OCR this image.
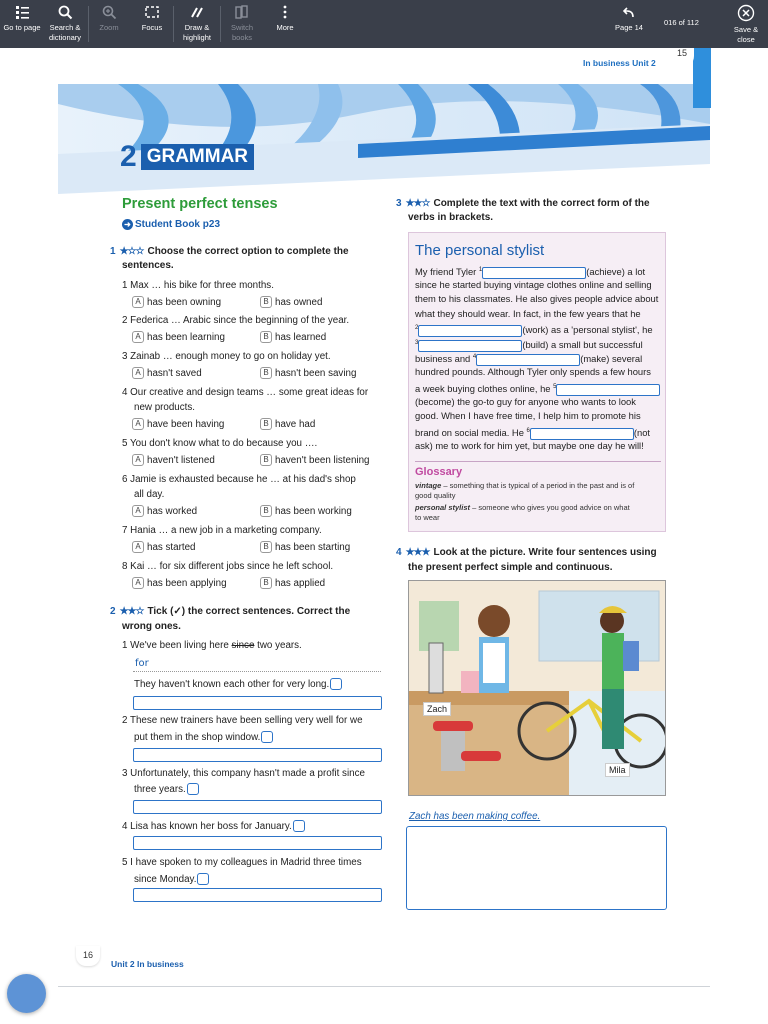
In business Unit 2
15
2 GRAMMAR
Present perfect tenses
➜ Student Book p23
1 ★☆☆ Choose the correct option to complete the
sentences.
1 Max … his bike for three months.
A has been owning	B has owned
2 Federica … Arabic since the beginning of the year.
A has been learning	B has learned
3 Zainab … enough money to go on holiday yet.
A hasn't saved	B hasn't been saving
4 Our creative and design teams … some great ideas for
new products.
A have been having	B have had
5 You don't know what to do because you ….
A haven't listened	B haven't been listening
6 Jamie is exhausted because he … at his dad's shop
all day.
A has worked	B has been working
7 Hania … a new job in a marketing company.
A has started	B has been starting
8 Kai … for six different jobs since he left school.
A has been applying	B has applied
2 ★★☆ Tick (✓) the correct sentences. Correct the
wrong ones.
1 We've been living here since two years.
for
They haven't known each other for very long.
2 These new trainers have been selling very well for we
put them in the shop window.
3 Unfortunately, this company hasn't made a profit since
three years.
4 Lisa has known her boss for January.
5 I have spoken to my colleagues in Madrid three times
since Monday.
3 ★★☆ Complete the text with the correct form of the
verbs in brackets.
The personal stylist
My friend Tyler $^1$	(achieve) a lot
since he started buying vintage clothes online and selling
them to his classmates. He also gives people advice about
what they should wear. In fact, in the few years that he
$^2$	(work) as a 'personal stylist', he
$^3$	(build) a small but successful
business and $^4$	(make) several
hundred pounds. Although Tyler only spends a few hours
a week buying clothes online, he $^5$
(become) the go-to guy for anyone who wants to look
good. When I have free time, I help him to promote his
brand on social media. He $^6$	(not
ask) me to work for him yet, but maybe one day he will!
Glossary
vintage – something that is typical of a period in the past and is of
good quality
personal stylist – someone who gives you good advice on what
to wear
4 ★★★ Look at the picture. Write four sentences using
the present perfect simple and continuous.
Zach
Mila
Zach has been making coffee.
16
Unit 2 In business
Go to page	Search &
dictionary
Zoom	Focus	Draw &
highlight
Switch
books
More	Page 14
016 of 112
Save &
close
